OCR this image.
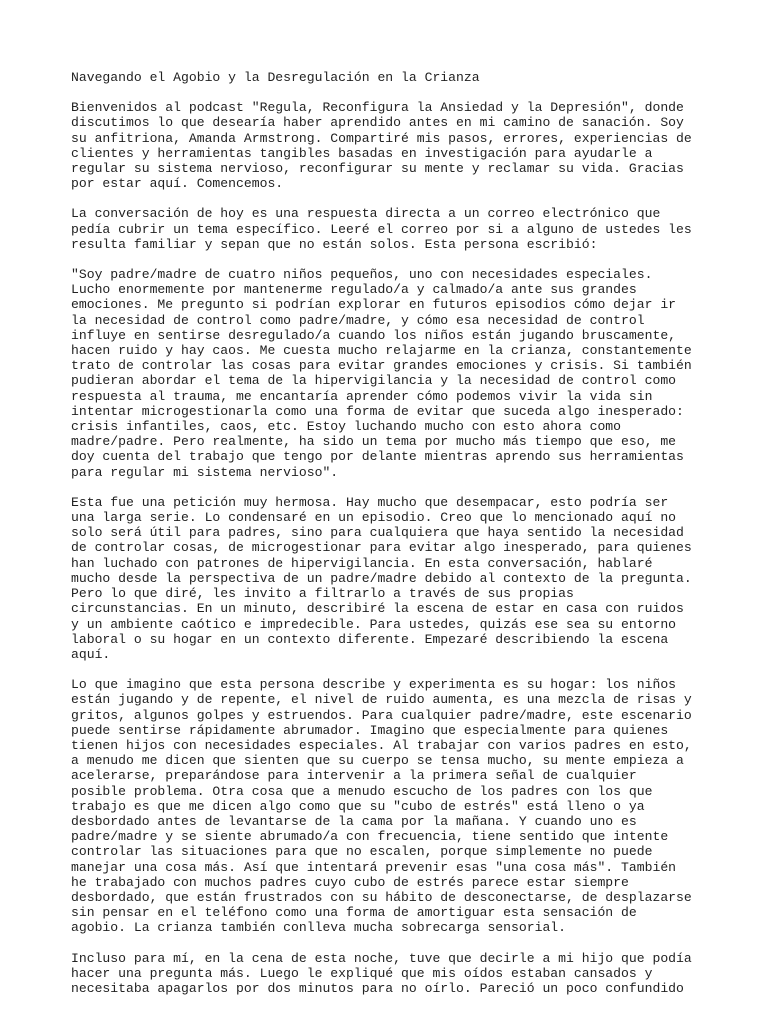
Navegando el Agobio y la Desregulación en la Crianza

Bienvenidos al podcast "Regula, Reconfigura la Ansiedad y la Depresión", donde discutimos lo que desearía haber aprendido antes en mi camino de sanación. Soy su anfitriona, Amanda Armstrong. Compartiré mis pasos, errores, experiencias de clientes y herramientas tangibles basadas en investigación para ayudarle a regular su sistema nervioso, reconfigurar su mente y reclamar su vida. Gracias por estar aquí. Comencemos.

La conversación de hoy es una respuesta directa a un correo electrónico que pedía cubrir un tema específico. Leeré el correo por si a alguno de ustedes les resulta familiar y sepan que no están solos. Esta persona escribió:

"Soy padre/madre de cuatro niños pequeños, uno con necesidades especiales. Lucho enormemente por mantenerme regulado/a y calmado/a ante sus grandes emociones. Me pregunto si podrían explorar en futuros episodios cómo dejar ir la necesidad de control como padre/madre, y cómo esa necesidad de control influye en sentirse desregulado/a cuando los niños están jugando bruscamente, hacen ruido y hay caos. Me cuesta mucho relajarme en la crianza, constantemente trato de controlar las cosas para evitar grandes emociones y crisis. Si también pudieran abordar el tema de la hipervigilancia y la necesidad de control como respuesta al trauma, me encantaría aprender cómo podemos vivir la vida sin intentar microgestionarla como una forma de evitar que suceda algo inesperado: crisis infantiles, caos, etc. Estoy luchando mucho con esto ahora como madre/padre. Pero realmente, ha sido un tema por mucho más tiempo que eso, me doy cuenta del trabajo que tengo por delante mientras aprendo sus herramientas para regular mi sistema nervioso".

Esta fue una petición muy hermosa. Hay mucho que desempacar, esto podría ser una larga serie. Lo condensaré en un episodio. Creo que lo mencionado aquí no solo será útil para padres, sino para cualquiera que haya sentido la necesidad de controlar cosas, de microgestionar para evitar algo inesperado, para quienes han luchado con patrones de hipervigilancia. En esta conversación, hablaré mucho desde la perspectiva de un padre/madre debido al contexto de la pregunta. Pero lo que diré, les invito a filtrarlo a través de sus propias circunstancias. En un minuto, describiré la escena de estar en casa con ruidos y un ambiente caótico e impredecible. Para ustedes, quizás ese sea su entorno laboral o su hogar en un contexto diferente. Empezaré describiendo la escena aquí.

Lo que imagino que esta persona describe y experimenta es su hogar: los niños están jugando y de repente, el nivel de ruido aumenta, es una mezcla de risas y gritos, algunos golpes y estruendos. Para cualquier padre/madre, este escenario puede sentirse rápidamente abrumador. Imagino que especialmente para quienes tienen hijos con necesidades especiales. Al trabajar con varios padres en esto, a menudo me dicen que sienten que su cuerpo se tensa mucho, su mente empieza a acelerarse, preparándose para intervenir a la primera señal de cualquier posible problema. Otra cosa que a menudo escucho de los padres con los que trabajo es que me dicen algo como que su "cubo de estrés" está lleno o ya desbordado antes de levantarse de la cama por la mañana. Y cuando uno es padre/madre y se siente abrumado/a con frecuencia, tiene sentido que intente controlar las situaciones para que no escalen, porque simplemente no puede manejar una cosa más. Así que intentará prevenir esas "una cosa más". También he trabajado con muchos padres cuyo cubo de estrés parece estar siempre desbordado, que están frustrados con su hábito de desconectarse, de desplazarse sin pensar en el teléfono como una forma de amortiguar esta sensación de agobio. La crianza también conlleva mucha sobrecarga sensorial.

Incluso para mí, en la cena de esta noche, tuve que decirle a mi hijo que podía hacer una pregunta más. Luego le expliqué que mis oídos estaban cansados y necesitaba apagarlos por dos minutos para no oírlo. Pareció un poco confundido
